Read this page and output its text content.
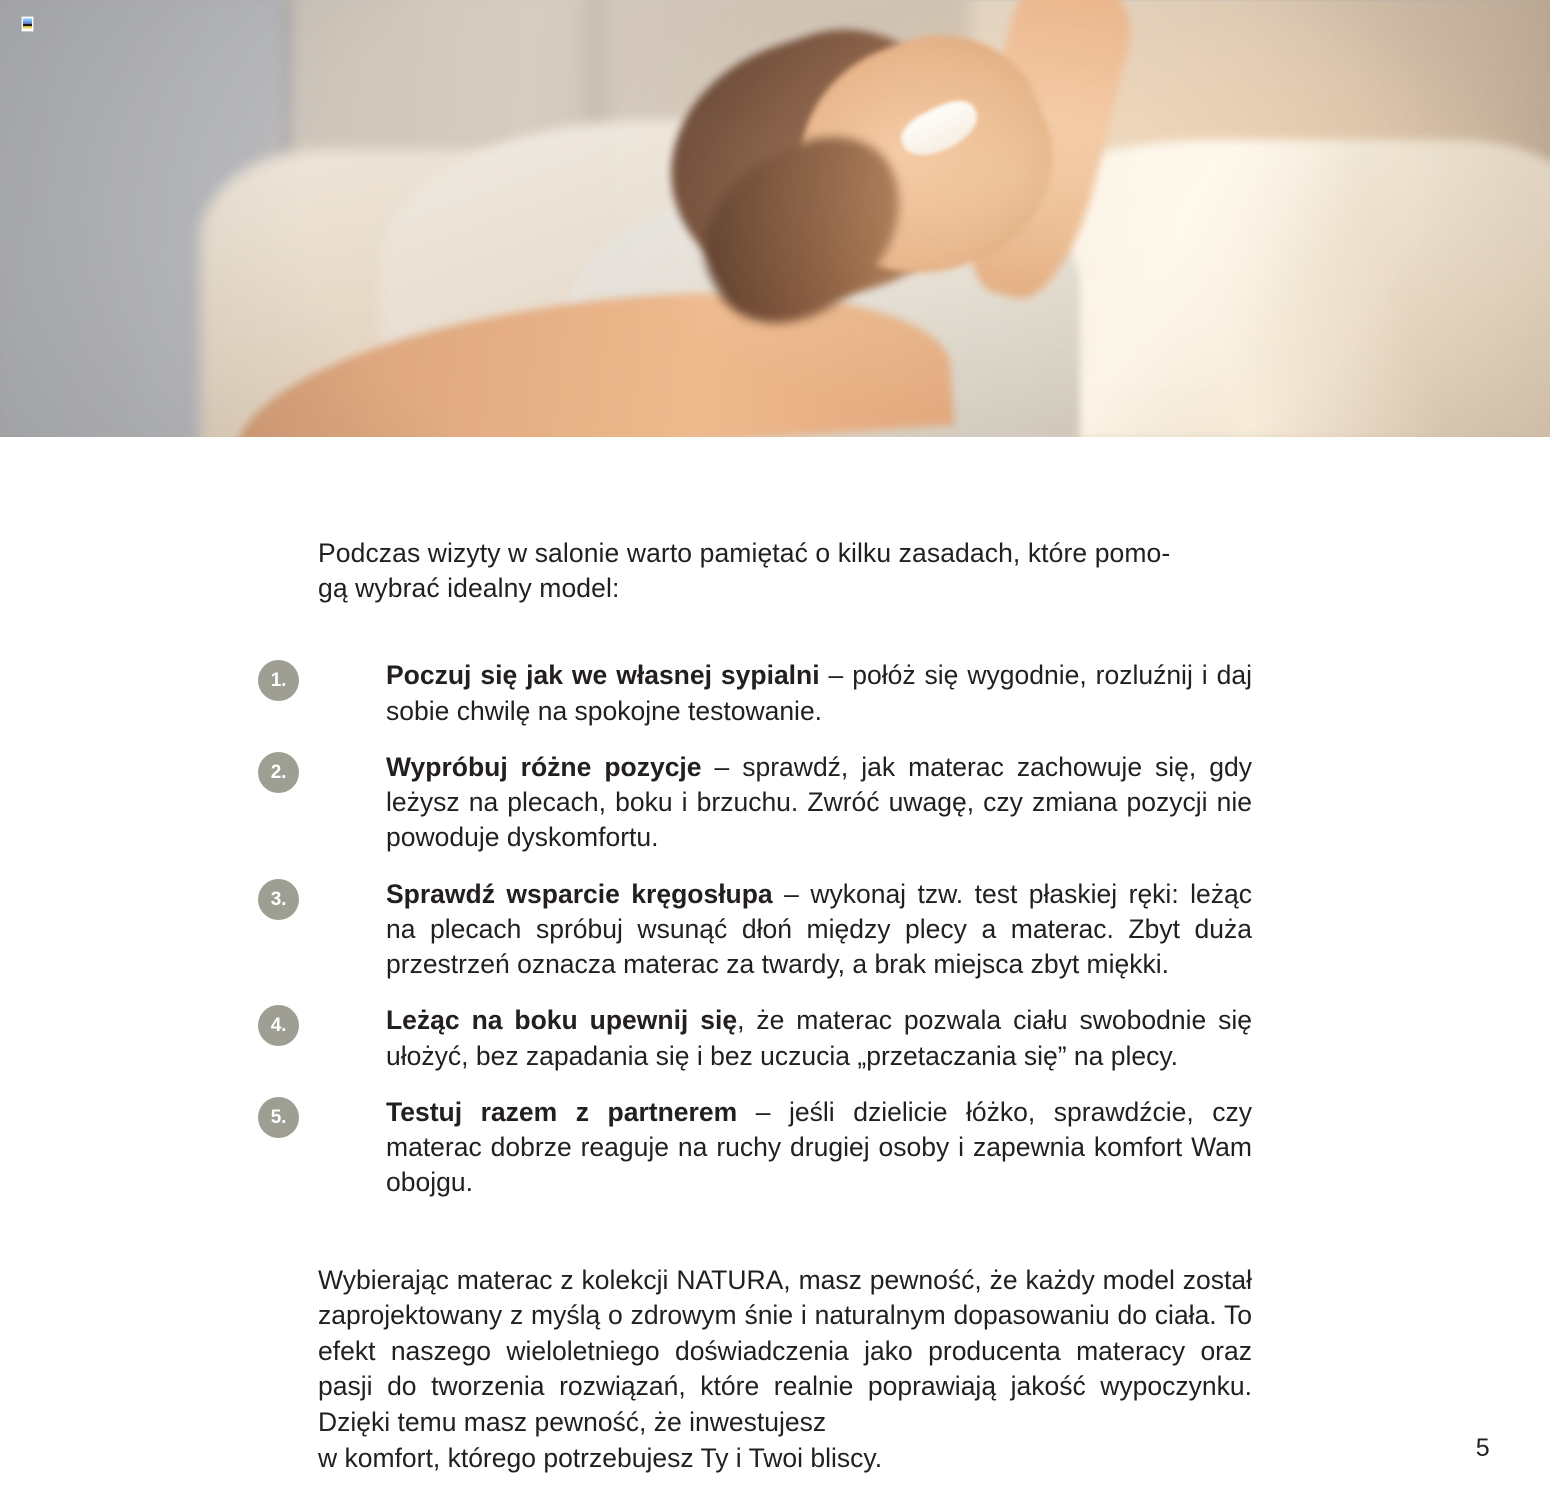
Podczas wizyty w salonie warto pamiętać o kilku zasadach, które pomo-
gą wybrać idealny model:

1.	Poczuj się jak we własnej sypialni – połóż się wygodnie, rozluźnij i daj sobie chwilę na spokojne testowanie.
2.	Wypróbuj różne pozycje – sprawdź, jak materac zachowuje się, gdy leżysz na plecach, boku i brzuchu. Zwróć uwagę, czy zmiana pozycji nie powoduje dyskomfortu.
3.	Sprawdź wsparcie kręgosłupa – wykonaj tzw. test płaskiej ręki: leżąc na plecach spróbuj wsunąć dłoń między plecy a materac. Zbyt duża przestrzeń oznacza materac za twardy, a brak miejsca zbyt miękki.
4.	Leżąc na boku upewnij się, że materac pozwala ciału swobodnie się ułożyć, bez zapadania się i bez uczucia „przetaczania się” na plecy.
5.	Testuj razem z partnerem – jeśli dzielicie łóżko, sprawdźcie, czy materac dobrze reaguje na ruchy drugiej osoby i zapewnia komfort Wam obojgu.

Wybierając materac z kolekcji NATURA, masz pewność, że każdy model został zaprojektowany z myślą o zdrowym śnie i naturalnym dopasowaniu do ciała. To efekt naszego wieloletniego doświadczenia jako producenta materacy oraz pasji do tworzenia rozwiązań, które realnie poprawiają jakość wypoczynku. Dzięki temu masz pewność, że inwestujesz
w komfort, którego potrzebujesz Ty i Twoi bliscy.	5
